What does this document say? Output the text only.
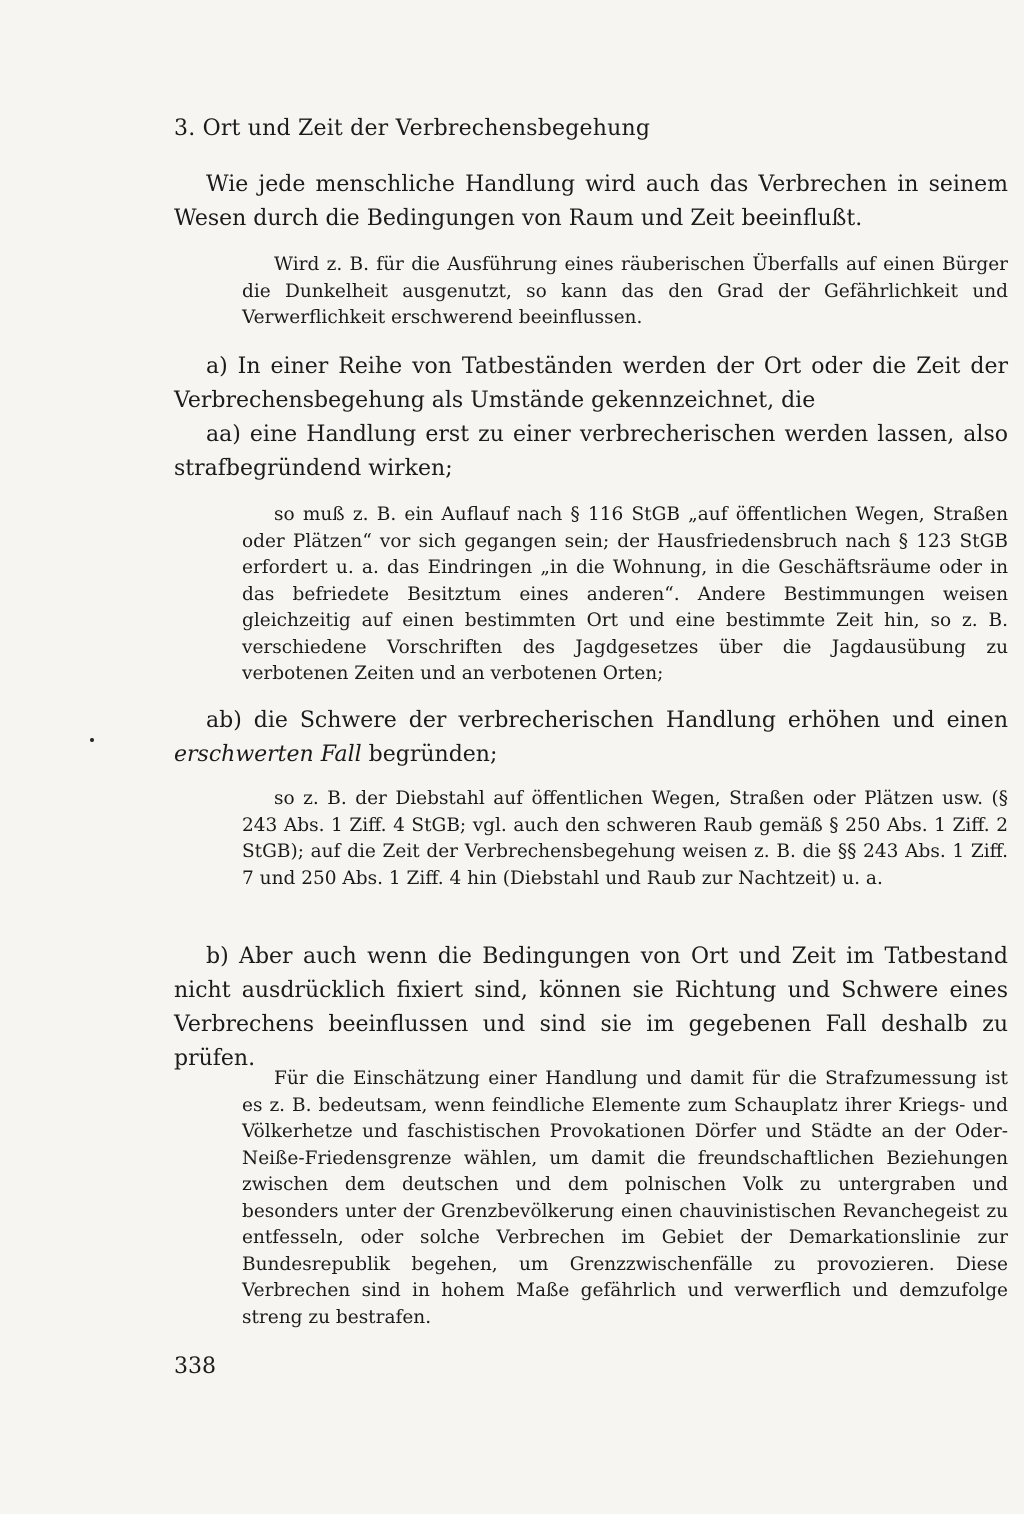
3. Ort und Zeit der Verbrechensbegehung
Wie jede menschliche Handlung wird auch das Verbrechen in seinem Wesen durch die Bedingungen von Raum und Zeit beeinflußt.
Wird z. B. für die Ausführung eines räuberischen Überfalls auf einen Bürger die Dunkelheit ausgenutzt, so kann das den Grad der Gefährlichkeit und Verwerflichkeit erschwerend beeinflussen.
a) In einer Reihe von Tatbeständen werden der Ort oder die Zeit der Verbrechensbegehung als Umstände gekennzeichnet, die
aa) eine Handlung erst zu einer verbrecherischen werden lassen, also strafbegründend wirken;
so muß z. B. ein Auflauf nach § 116 StGB „auf öffentlichen Wegen, Straßen oder Plätzen“ vor sich gegangen sein; der Hausfriedensbruch nach § 123 StGB erfordert u. a. das Eindringen „in die Wohnung, in die Geschäftsräume oder in das befriedete Besitztum eines anderen“. Andere Bestimmungen weisen gleichzeitig auf einen bestimmten Ort und eine bestimmte Zeit hin, so z. B. verschiedene Vorschriften des Jagdgesetzes über die Jagdausübung zu verbotenen Zeiten und an verbotenen Orten;
ab) die Schwere der verbrecherischen Handlung erhöhen und einen erschwerten Fall begründen;
so z. B. der Diebstahl auf öffentlichen Wegen, Straßen oder Plätzen usw. (§ 243 Abs. 1 Ziff. 4 StGB; vgl. auch den schweren Raub gemäß § 250 Abs. 1 Ziff. 2 StGB); auf die Zeit der Verbrechensbegehung weisen z. B. die §§ 243 Abs. 1 Ziff. 7 und 250 Abs. 1 Ziff. 4 hin (Diebstahl und Raub zur Nachtzeit) u. a.
b) Aber auch wenn die Bedingungen von Ort und Zeit im Tatbestand nicht ausdrücklich fixiert sind, können sie Richtung und Schwere eines Verbrechens beeinflussen und sind sie im gegebenen Fall deshalb zu prüfen.
Für die Einschätzung einer Handlung und damit für die Strafzumessung ist es z. B. bedeutsam, wenn feindliche Elemente zum Schauplatz ihrer Kriegs- und Völkerhetze und faschistischen Provokationen Dörfer und Städte an der Oder-Neiße-Friedensgrenze wählen, um damit die freundschaftlichen Beziehungen zwischen dem deutschen und dem polnischen Volk zu untergraben und besonders unter der Grenzbevölkerung einen chauvinistischen Revanchegeist zu entfesseln, oder solche Verbrechen im Gebiet der Demarkationslinie zur Bundesrepublik begehen, um Grenzzwischenfälle zu provozieren. Diese Verbrechen sind in hohem Maße gefährlich und verwerflich und demzufolge streng zu bestrafen.
338
